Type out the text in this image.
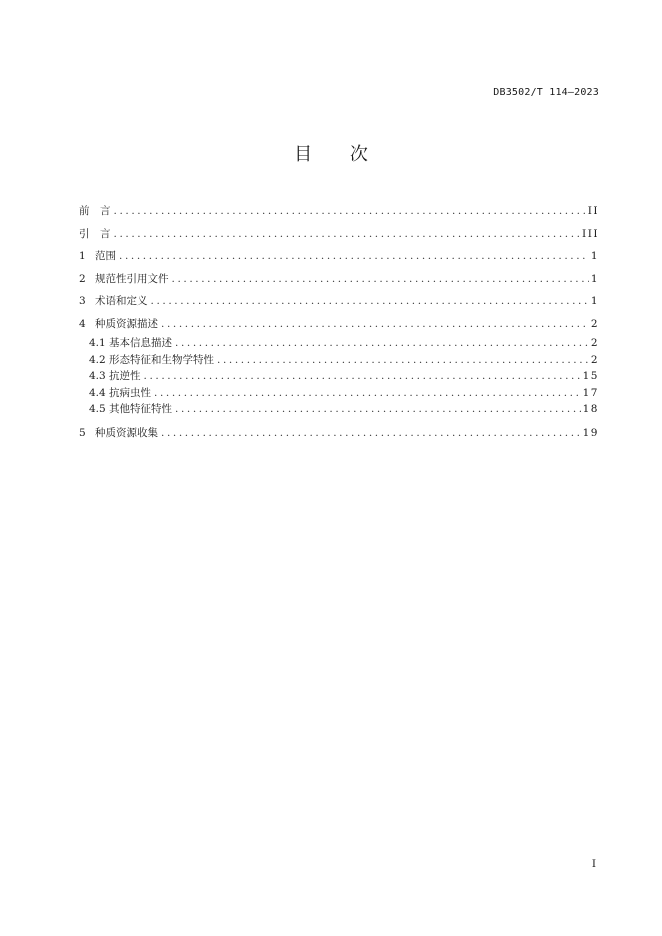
DB3502/T 114—2023
目 次
前　言 .....	II
引　言 .....	III
1 范围 .....	1
2 规范性引用文件 .....	1
3 术语和定义 .....	1
4 种质资源描述 .....	2
4.1 基本信息描述 .....	2
4.2 形态特征和生物学特性 .....	2
4.3 抗逆性 .....	15
4.4 抗病虫性 .....	17
4.5 其他特征特性 .....	18
5 种质资源收集 .....	19
I
